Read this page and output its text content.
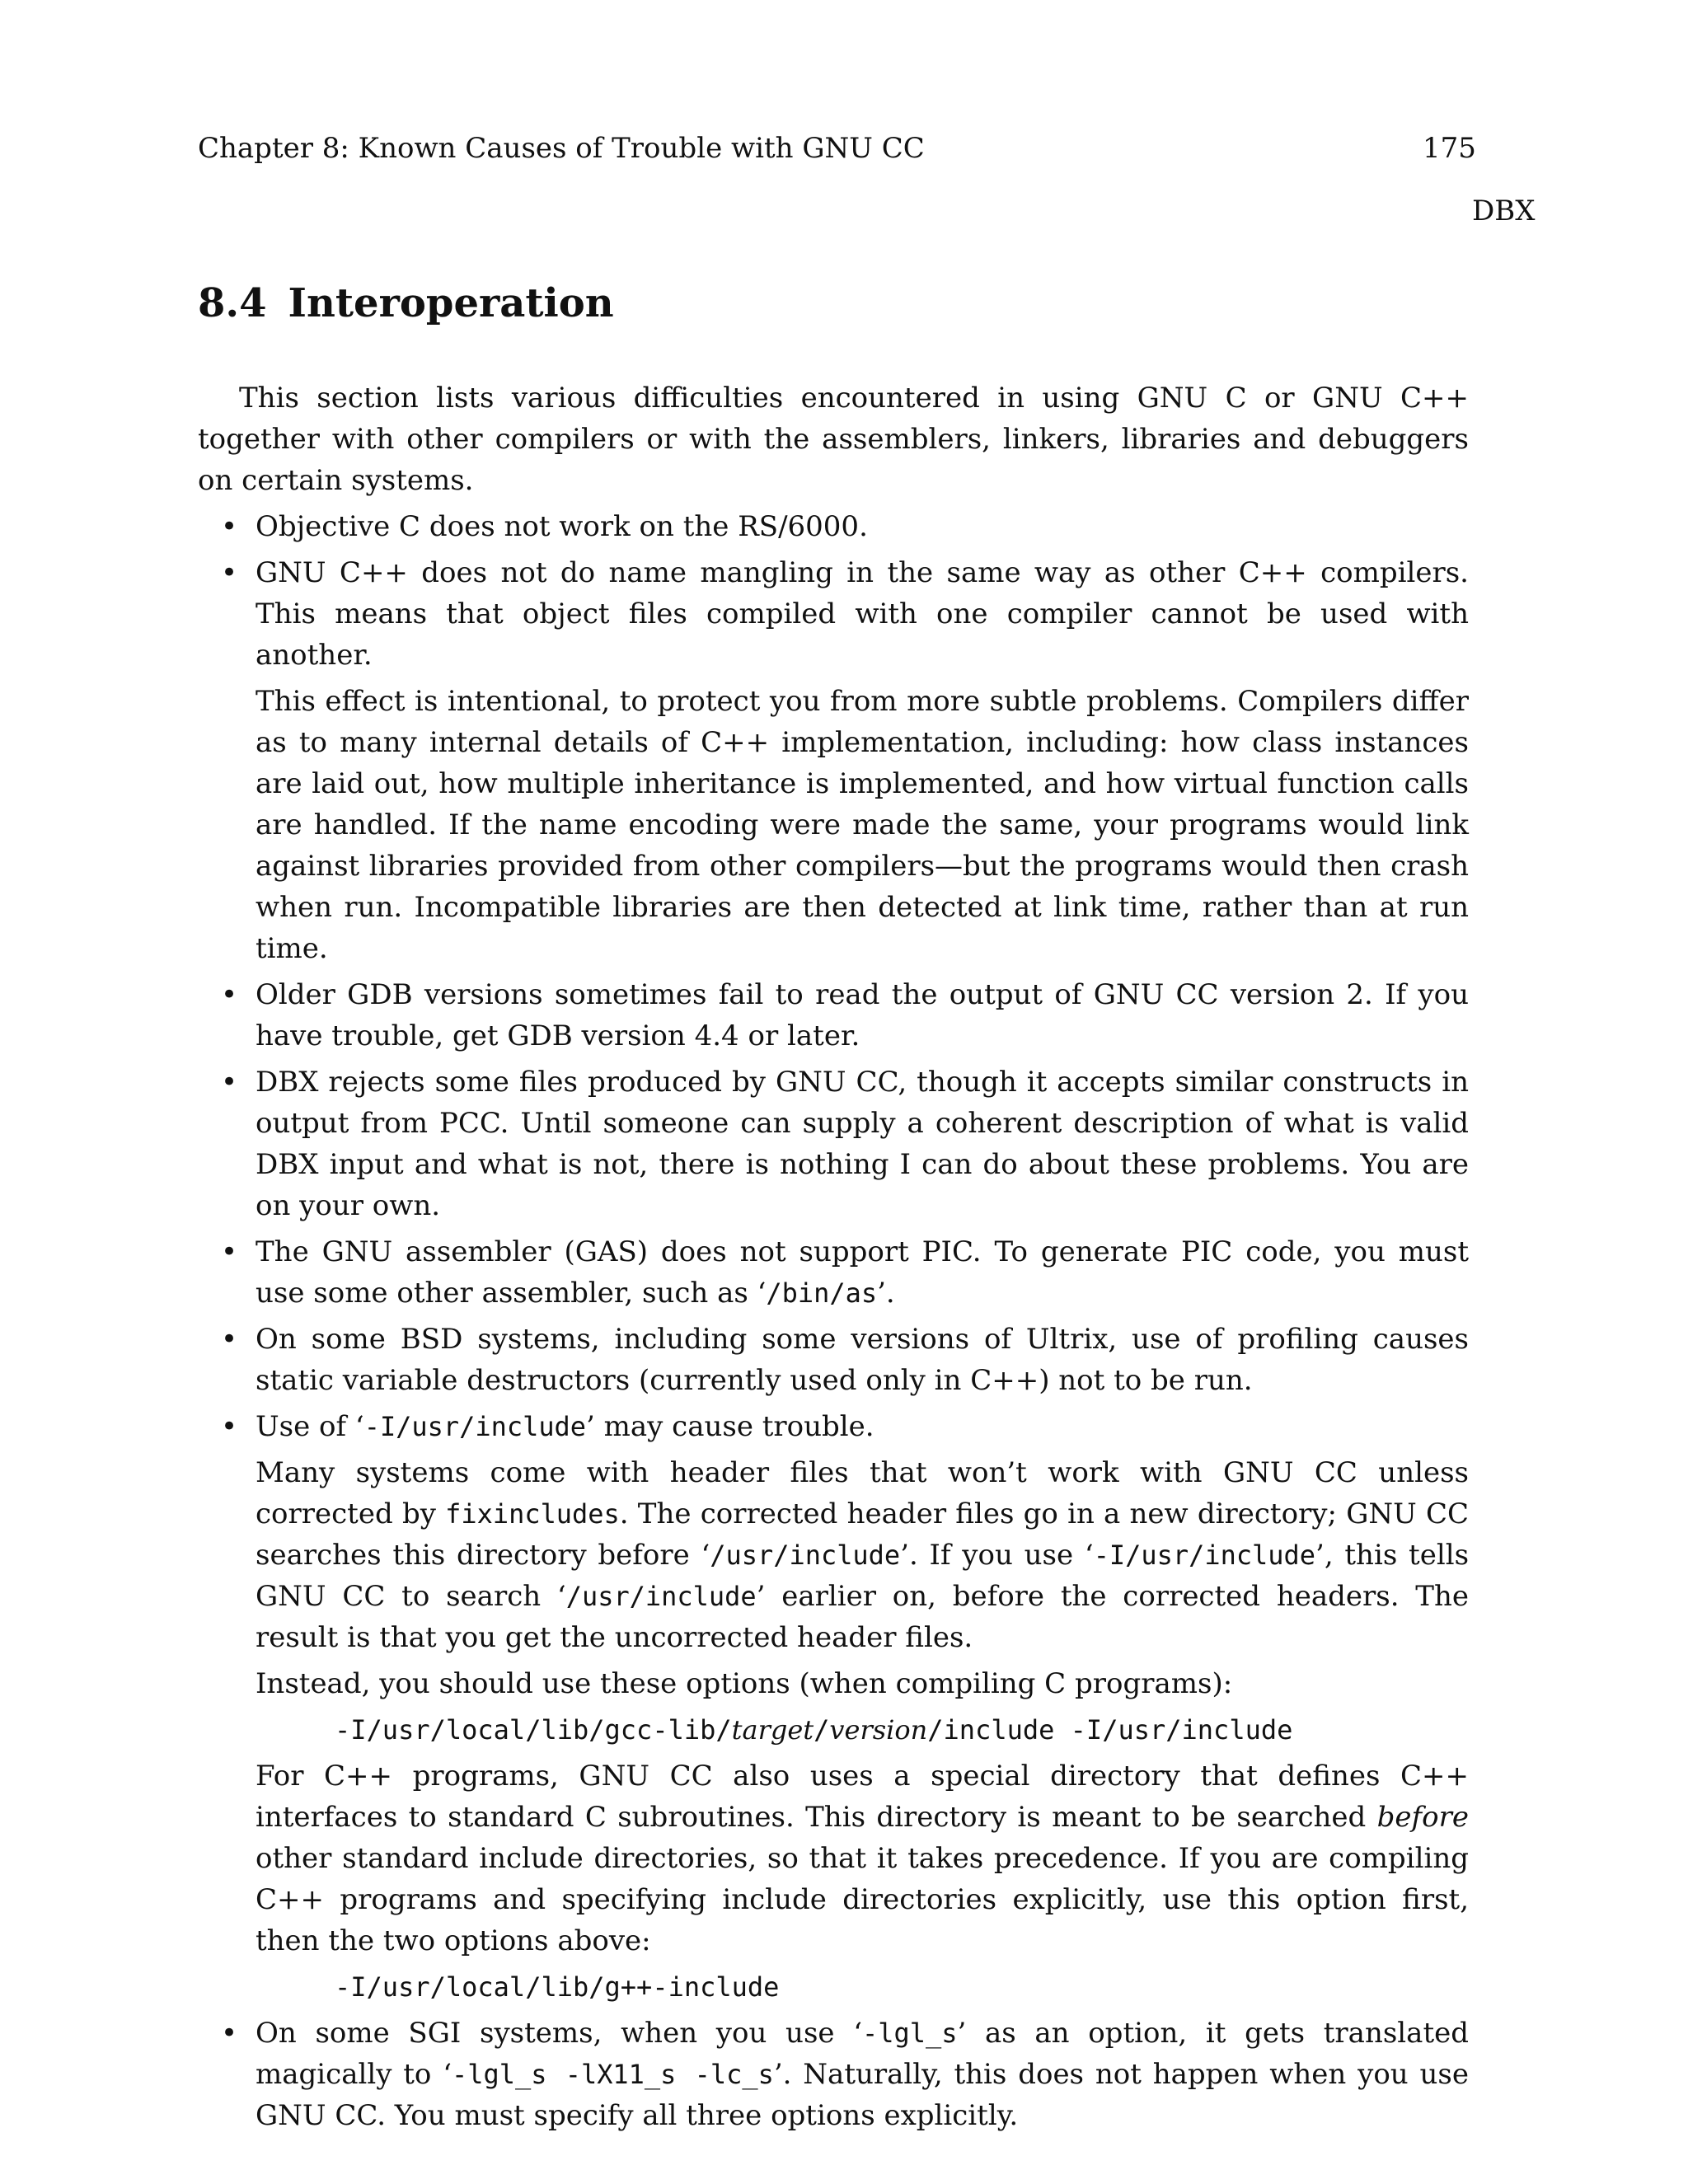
Chapter 8: Known Causes of Trouble with GNU CC	175
DBX
8.4 Interoperation
This section lists various difficulties encountered in using GNU C or GNU C++ together with other compilers or with the assemblers, linkers, libraries and debuggers on certain systems.
• Objective C does not work on the RS/6000.

• GNU C++ does not do name mangling in the same way as other C++ compilers. This means that object files compiled with one compiler cannot be used with another.

This effect is intentional, to protect you from more subtle problems. Compilers differ as to many internal details of C++ implementation, including: how class instances are laid out, how multiple inheritance is implemented, and how virtual function calls are handled. If the name encoding were made the same, your programs would link against libraries provided from other compilers—but the programs would then crash when run. Incompatible libraries are then detected at link time, rather than at run time.

• Older GDB versions sometimes fail to read the output of GNU CC version 2. If you have trouble, get GDB version 4.4 or later.

• DBX rejects some files produced by GNU CC, though it accepts similar constructs in output from PCC. Until someone can supply a coherent description of what is valid DBX input and what is not, there is nothing I can do about these problems. You are on your own.

• The GNU assembler (GAS) does not support PIC. To generate PIC code, you must use some other assembler, such as ‘/bin/as’.

• On some BSD systems, including some versions of Ultrix, use of profiling causes static variable destructors (currently used only in C++) not to be run.

• Use of ‘-I/usr/include’ may cause trouble.

Many systems come with header files that won’t work with GNU CC unless corrected by fixincludes. The corrected header files go in a new directory; GNU CC searches this directory before ‘/usr/include’. If you use ‘-I/usr/include’, this tells GNU CC to search ‘/usr/include’ earlier on, before the corrected headers. The result is that you get the uncorrected header files.

Instead, you should use these options (when compiling C programs):

-I/usr/local/lib/gcc-lib/target/version/include -I/usr/include

For C++ programs, GNU CC also uses a special directory that defines C++ interfaces to standard C subroutines. This directory is meant to be searched before other standard include directories, so that it takes precedence. If you are compiling C++ programs and specifying include directories explicitly, use this option first, then the two options above:

-I/usr/local/lib/g++-include
• On some SGI systems, when you use ‘-lgl_s’ as an option, it gets translated magically to ‘-lgl_s -lX11_s -lc_s’. Naturally, this does not happen when you use GNU CC. You must specify all three options explicitly.
